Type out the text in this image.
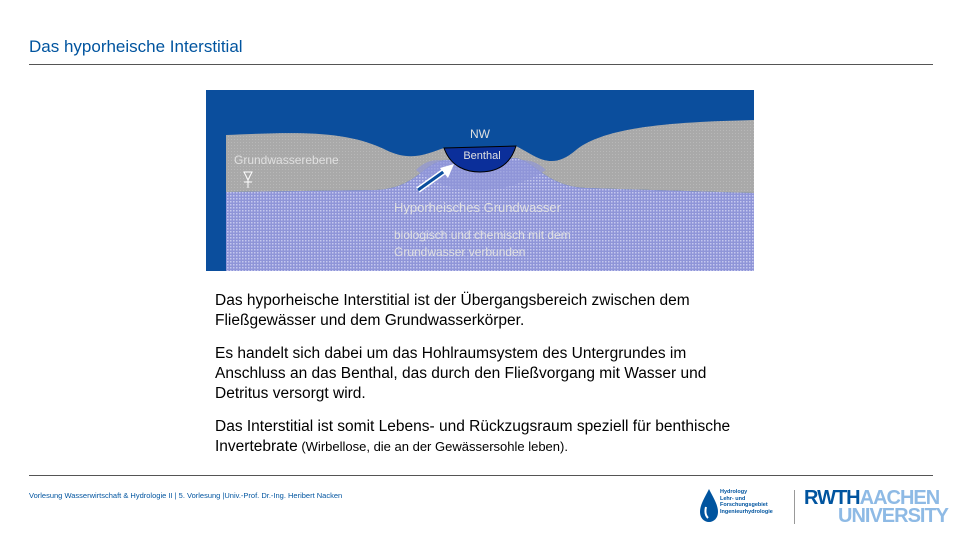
Das hyporheische Interstitial
NW
Benthal
Grundwasserebene
Hyporheisches Grundwasser
biologisch und chemisch mit dem
Grundwasser verbunden

Das hyporheische Interstitial ist der Übergangsbereich zwischen dem Fließgewässer und dem Grundwasserkörper.

Es handelt sich dabei um das Hohlraumsystem des Untergrundes im Anschluss an das Benthal, das durch den Fließvorgang mit Wasser und Detritus versorgt wird.

Das Interstitial ist somit Lebens- und Rückzugsraum speziell für benthische Invertebrate (Wirbellose, die an der Gewässersohle leben).

Vorlesung Wasserwirtschaft & Hydrologie II | 5. Vorlesung |Univ.-Prof. Dr.-Ing. Heribert Nacken	Hydrology
Lehr- und
Forschungsgebiet
Ingenieurhydrologie
RWTHAACHEN
UNIVERSITY
